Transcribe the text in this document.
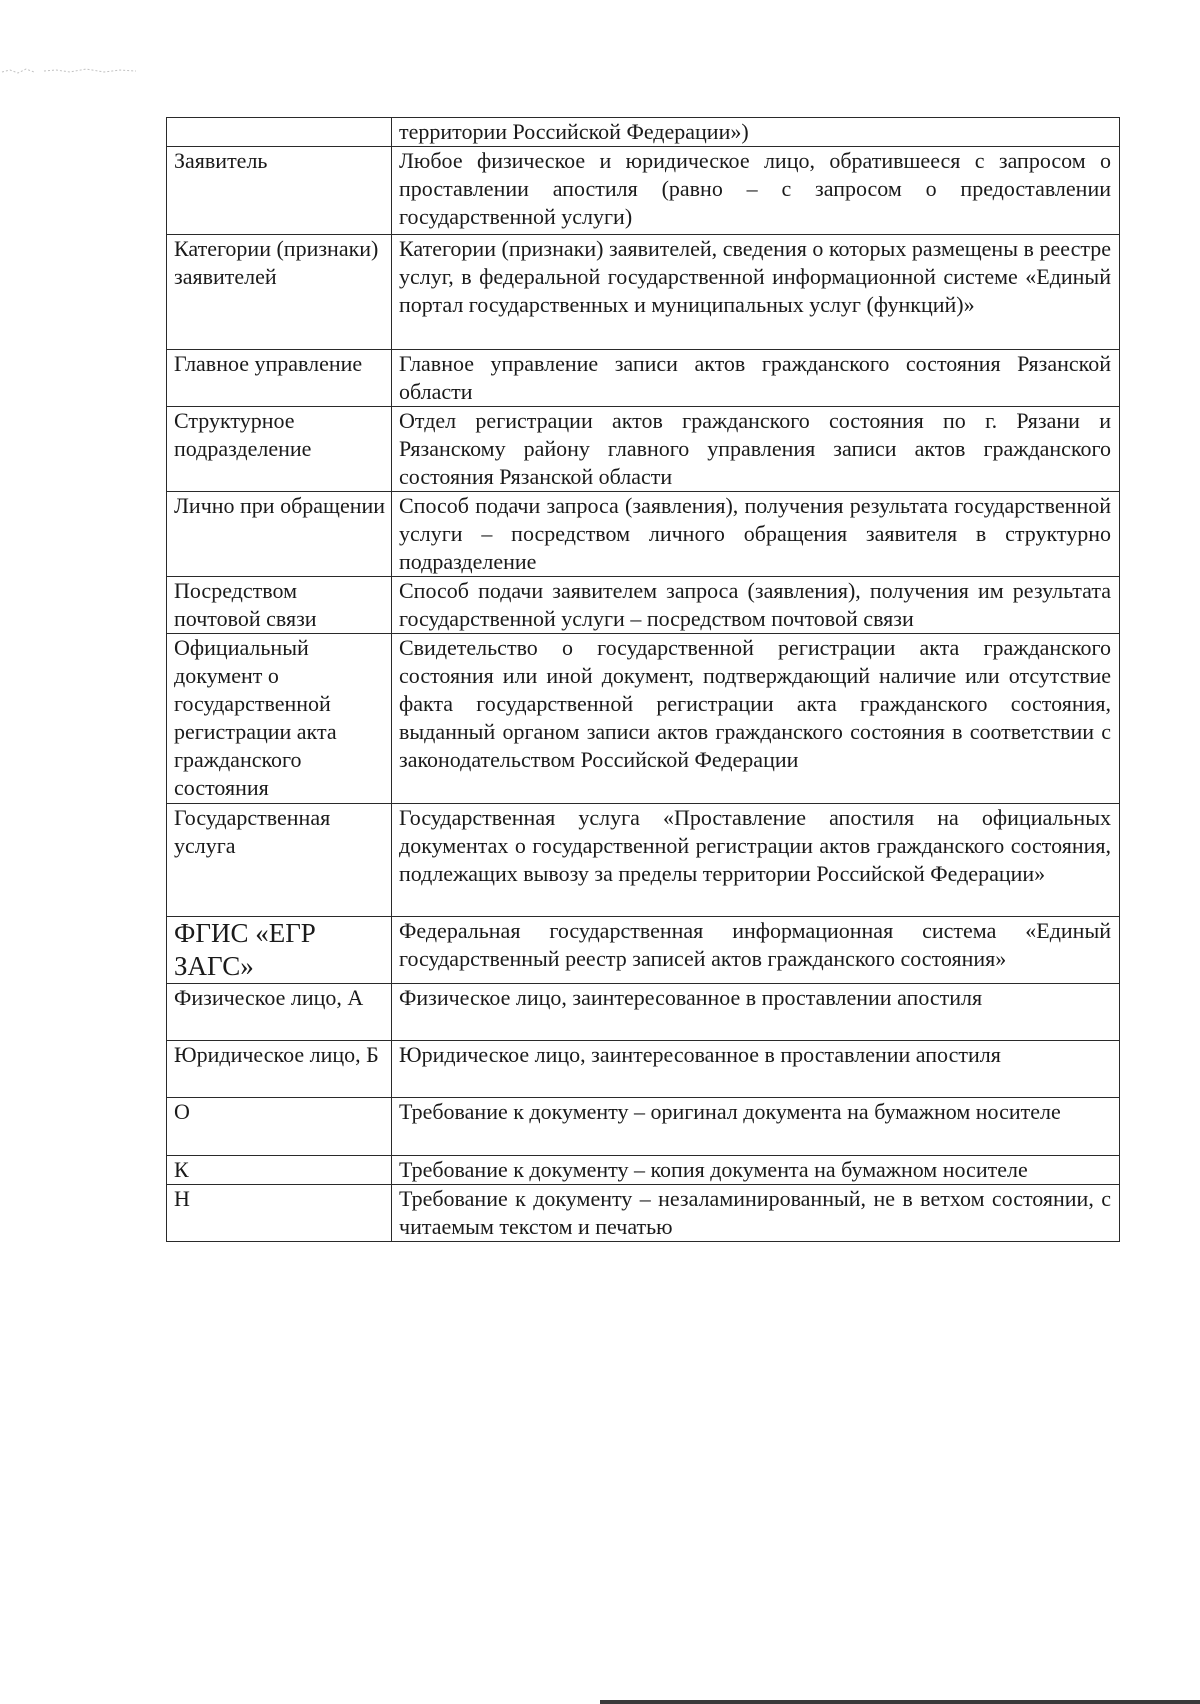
	территории Российской Федерации»)
Заявитель	Любое физическое и юридическое лицо, обратившееся с запросом о проставлении апостиля (равно – с запросом о предоставлении государственной услуги)
Категории (признаки) заявителей	Категории (признаки) заявителей, сведения о которых размещены в реестре услуг, в федеральной государственной информационной системе «Единый портал государственных и муниципальных услуг (функций)»
Главное управление	Главное управление записи актов гражданского состояния Рязанской области
Структурное подразделение	Отдел регистрации актов гражданского состояния по г. Рязани и Рязанскому району главного управления записи актов гражданского состояния Рязанской области
Лично при обращении	Способ подачи запроса (заявления), получения результата государственной услуги – посредством личного обращения заявителя в структурно подразделение
Посредством почтовой связи	Способ подачи заявителем запроса (заявления), получения им результата государственной услуги – посредством почтовой связи
Официальный документ о государственной регистрации акта гражданского состояния	Свидетельство о государственной регистрации акта гражданского состояния или иной документ, подтверждающий наличие или отсутствие факта государственной регистрации акта гражданского состояния, выданный органом записи актов гражданского состояния в соответствии с законодательством Российской Федерации
Государственная услуга	Государственная услуга «Проставление апостиля на официальных документах о государственной регистрации актов гражданского состояния, подлежащих вывозу за пределы территории Российской Федерации»
ФГИС «ЕГР ЗАГС»	Федеральная государственная информационная система «Единый государственный реестр записей актов гражданского состояния»
Физическое лицо, А	Физическое лицо, заинтересованное в проставлении апостиля
Юридическое лицо, Б	Юридическое лицо, заинтересованное в проставлении апостиля
О	Требование к документу – оригинал документа на бумажном носителе
К	Требование к документу – копия документа на бумажном носителе
Н	Требование к документу – незаламинированный, не в ветхом состоянии, с читаемым текстом и печатью
